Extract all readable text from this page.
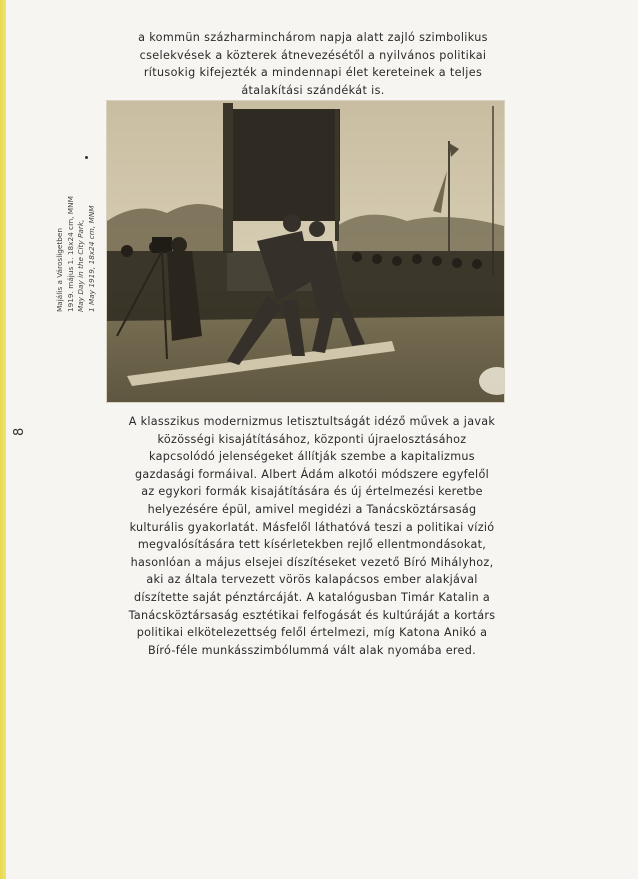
a kommün százharminchárom napja alatt zajló szimbolikus cselekvések a közterek átnevezésétől a nyilvános politikai rítusokig kifejezték a mindennapi élet kereteinek a teljes átalakítási szándékát is.

Majális a Városligetben 1919. május 1. 18x24 cm, MNM May Day in the City Park, 1 May 1919, 18x24 cm, MNM
8

A klasszikus modernizmus letisztultságát idéző művek a javak közösségi kisajátításához, központi újraelosztásához kapcsolódó jelenségeket állítják szembe a kapitalizmus gazdasági formáival. Albert Ádám alkotói módszere egyfelől az egykori formák kisajátítására és új értelmezési keretbe helyezésére épül, amivel megidézi a Tanácsköztársaság kulturális gyakorlatát. Másfelől láthatóvá teszi a politikai vízió megvalósítására tett kísérletekben rejlő ellentmondásokat, hasonlóan a május elsejei díszítéseket vezető Bíró Mihályhoz, aki az általa tervezett vörös kalapácsos ember alakjával díszítette saját pénztárcáját. A katalógusban Timár Katalin a Tanácsköztársaság esztétikai felfogását és kultúráját a kortárs politikai elkötelezettség felől értelmezi, míg Katona Anikó a Bíró-féle munkásszimbólummá vált alak nyomába ered.
